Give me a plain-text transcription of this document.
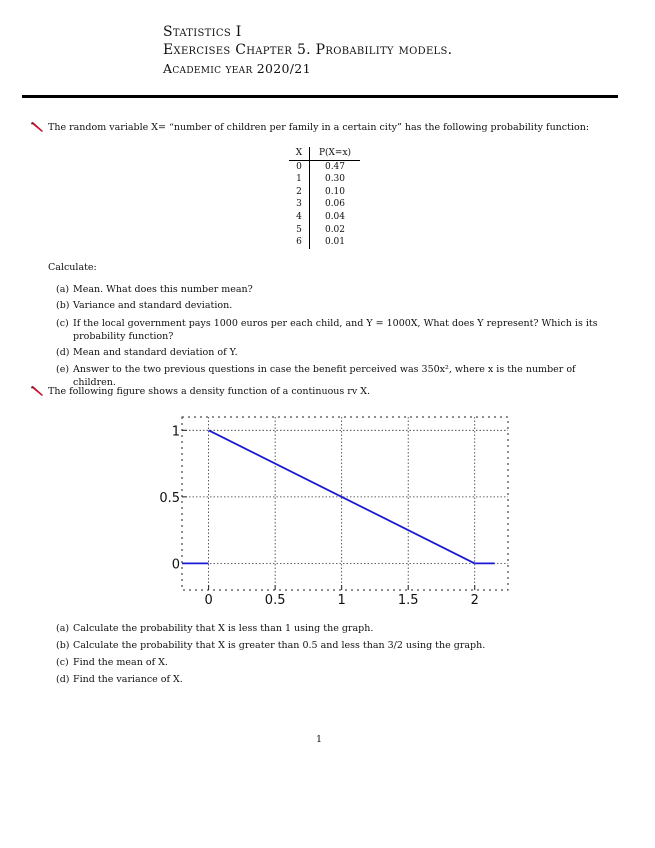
Statistics I
Exercises Chapter 5. Probability models.
Academic year 2020/21
The random variable X= “number of children per family in a certain city” has the following probability function:
X	P(X=x)
0	0.47
1	0.30
2	0.10
3	0.06
4	0.04
5	0.02
6	0.01
Calculate:
(a) Mean. What does this number mean?
(b) Variance and standard deviation.
(c) If the local government pays 1000 euros per each child, and Y = 1000X, What does Y represent? Which is its probability function?
(d) Mean and standard deviation of Y.
(e) Answer to the two previous questions in case the benefit perceived was 350x², where x is the number of children.
The following figure shows a density function of a continuous rv X.
0	0.5	1	1.5	2
0
0.5
1
(a) Calculate the probability that X is less than 1 using the graph.
(b) Calculate the probability that X is greater than 0.5 and less than 3/2 using the graph.
(c) Find the mean of X.
(d) Find the variance of X.
1
